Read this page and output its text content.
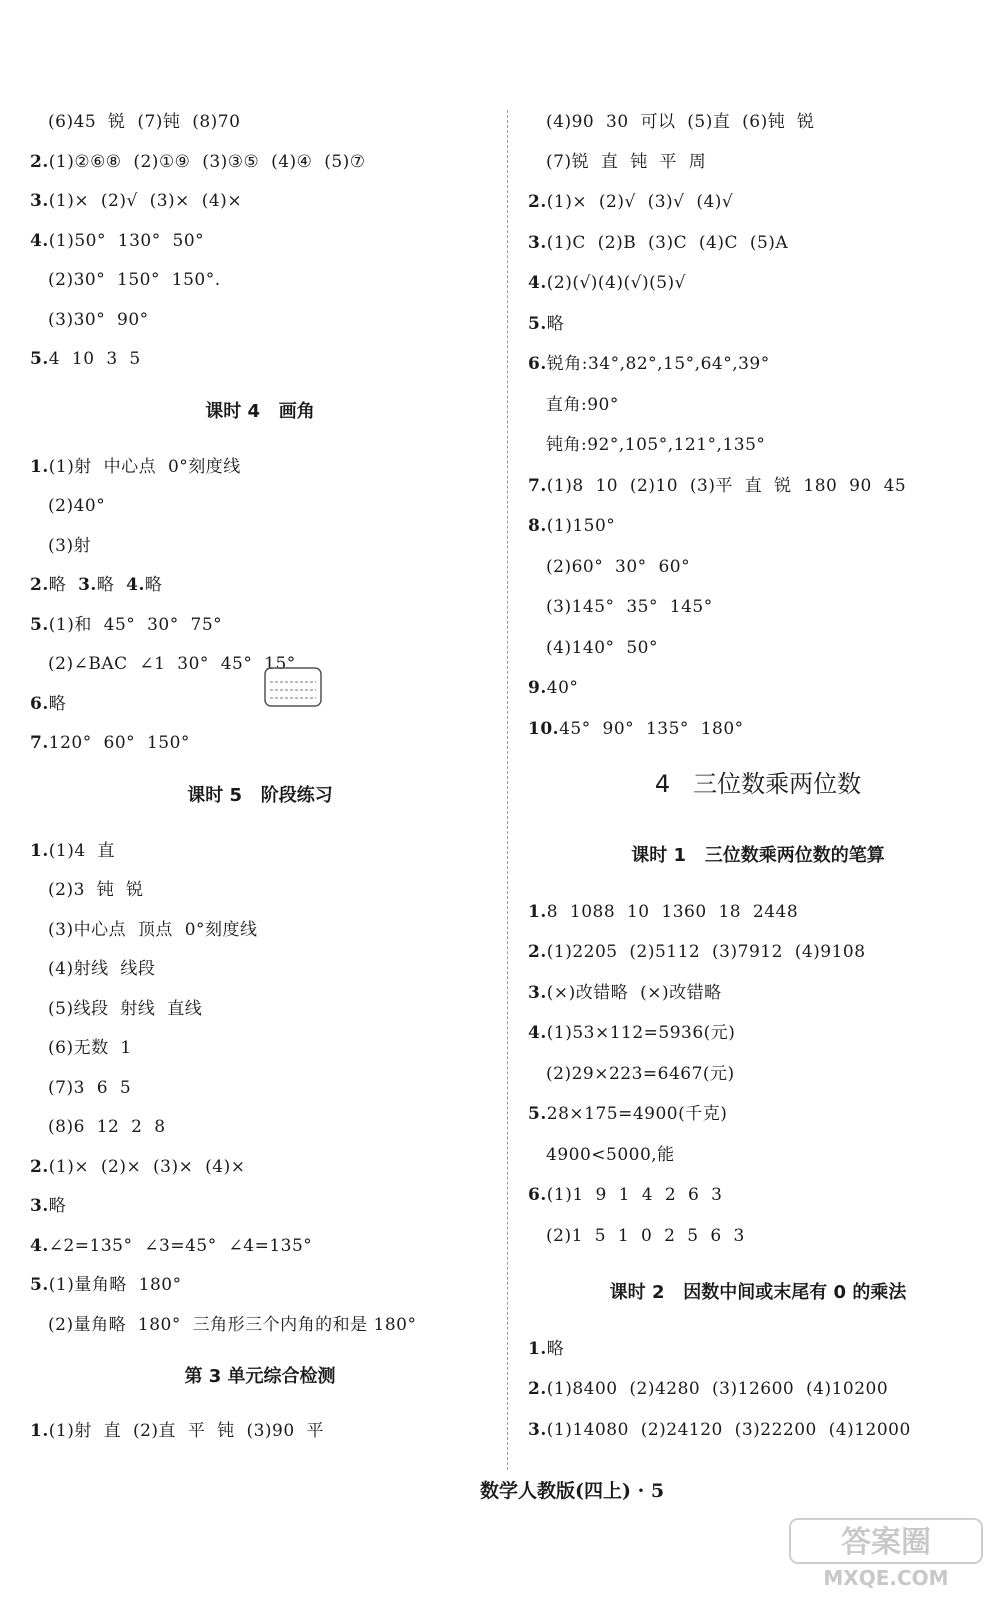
(6)45  锐  (7)钝  (8)70
2.(1)②⑥⑧  (2)①⑨  (3)③⑤  (4)④  (5)⑦
3.(1)×  (2)√  (3)×  (4)×
4.(1)50°  130°  50°
(2)30°  150°  150°.
(3)30°  90°
5.4  10  3  5
课时 4   画角
1.(1)射  中心点  0°刻度线
(2)40°
(3)射
2.略  3.略  4.略
5.(1)和  45°  30°  75°
(2)∠BAC  ∠1  30°  45°  15°
6.略
7.120°  60°  150°
课时 5   阶段练习
1.(1)4  直
(2)3  钝  锐
(3)中心点  顶点  0°刻度线
(4)射线  线段
(5)线段  射线  直线
(6)无数  1
(7)3  6  5
(8)6  12  2  8
2.(1)×  (2)×  (3)×  (4)×
3.略
4.∠2=135°  ∠3=45°  ∠4=135°
5.(1)量角略  180°
(2)量角略  180°  三角形三个内角的和是 180°
第 3 单元综合检测
1.(1)射  直  (2)直  平  钝  (3)90  平
(4)90  30  可以  (5)直  (6)钝  锐
(7)锐  直  钝  平  周
2.(1)×  (2)√  (3)√  (4)√
3.(1)C  (2)B  (3)C  (4)C  (5)A
4.(2)(√)(4)(√)(5)√
5.略
6.锐角:34°,82°,15°,64°,39°
直角:90°
钝角:92°,105°,121°,135°
7.(1)8  10  (2)10  (3)平  直  锐  180  90  45
8.(1)150°
(2)60°  30°  60°
(3)145°  35°  145°
(4)140°  50°
9.40°
10.45°  90°  135°  180°
4   三位数乘两位数
课时 1   三位数乘两位数的笔算
1.8  1088  10  1360  18  2448
2.(1)2205  (2)5112  (3)7912  (4)9108
3.(×)改错略  (×)改错略
4.(1)53×112=5936(元)
(2)29×223=6467(元)
5.28×175=4900(千克)
4900<5000,能
6.(1)1  9  1  4  2  6  3
(2)1  5  1  0  2  5  6  3
课时 2   因数中间或末尾有 0 的乘法
1.略
2.(1)8400  (2)4280  (3)12600  (4)10200
3.(1)14080  (2)24120  (3)22200  (4)12000
数学人教版(四上) · 5
答案圈
MXQE.COM
